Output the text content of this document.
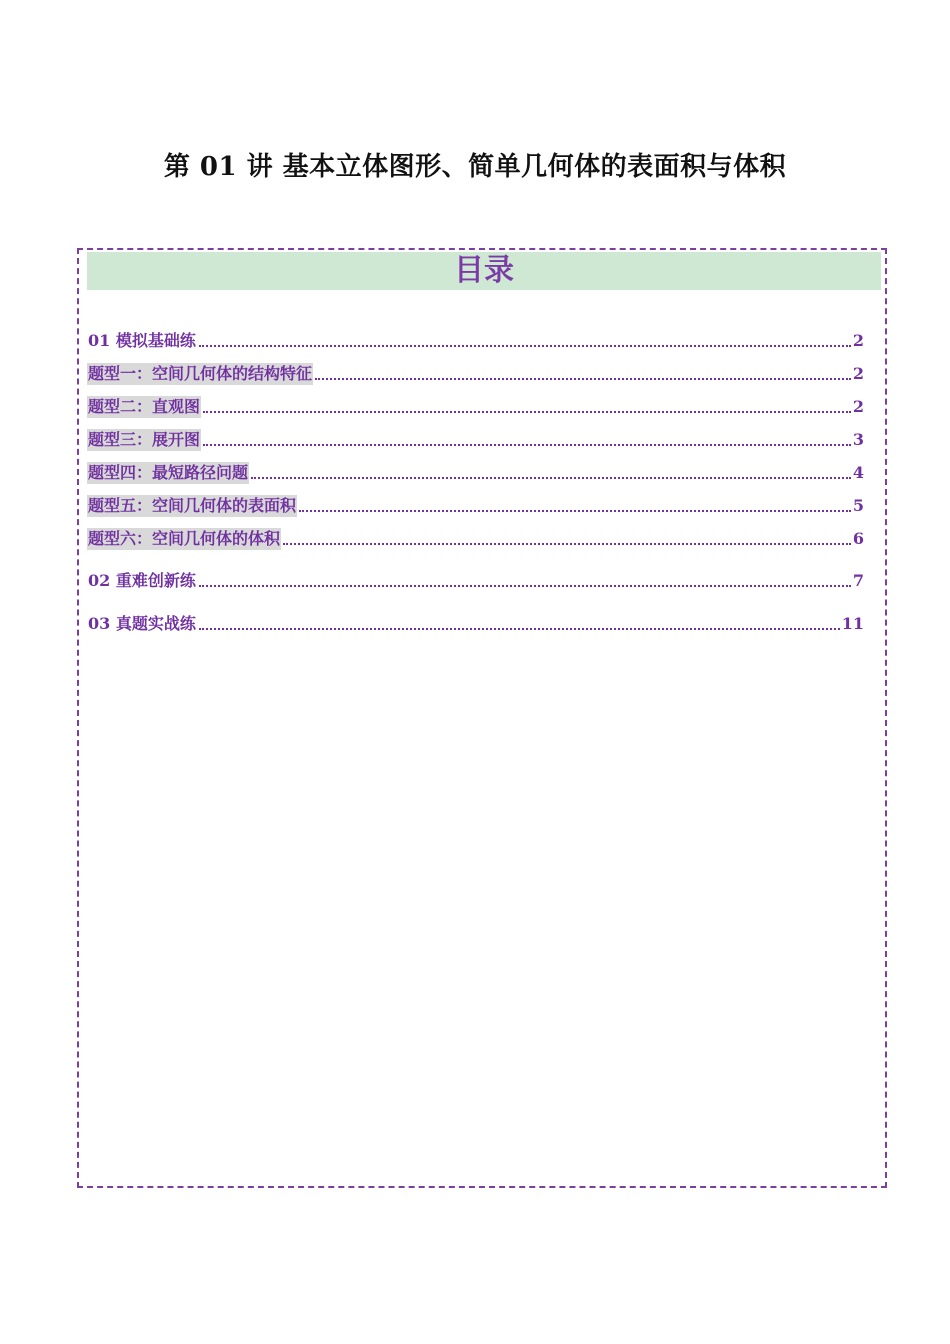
第 01 讲 基本立体图形、简单几何体的表面积与体积
目录
01 模拟基础练	2
题型一：空间几何体的结构特征	2
题型二：直观图	2
题型三：展开图	3
题型四：最短路径问题	4
题型五：空间几何体的表面积	5
题型六：空间几何体的体积	6
02 重难创新练	7
03 真题实战练	11
